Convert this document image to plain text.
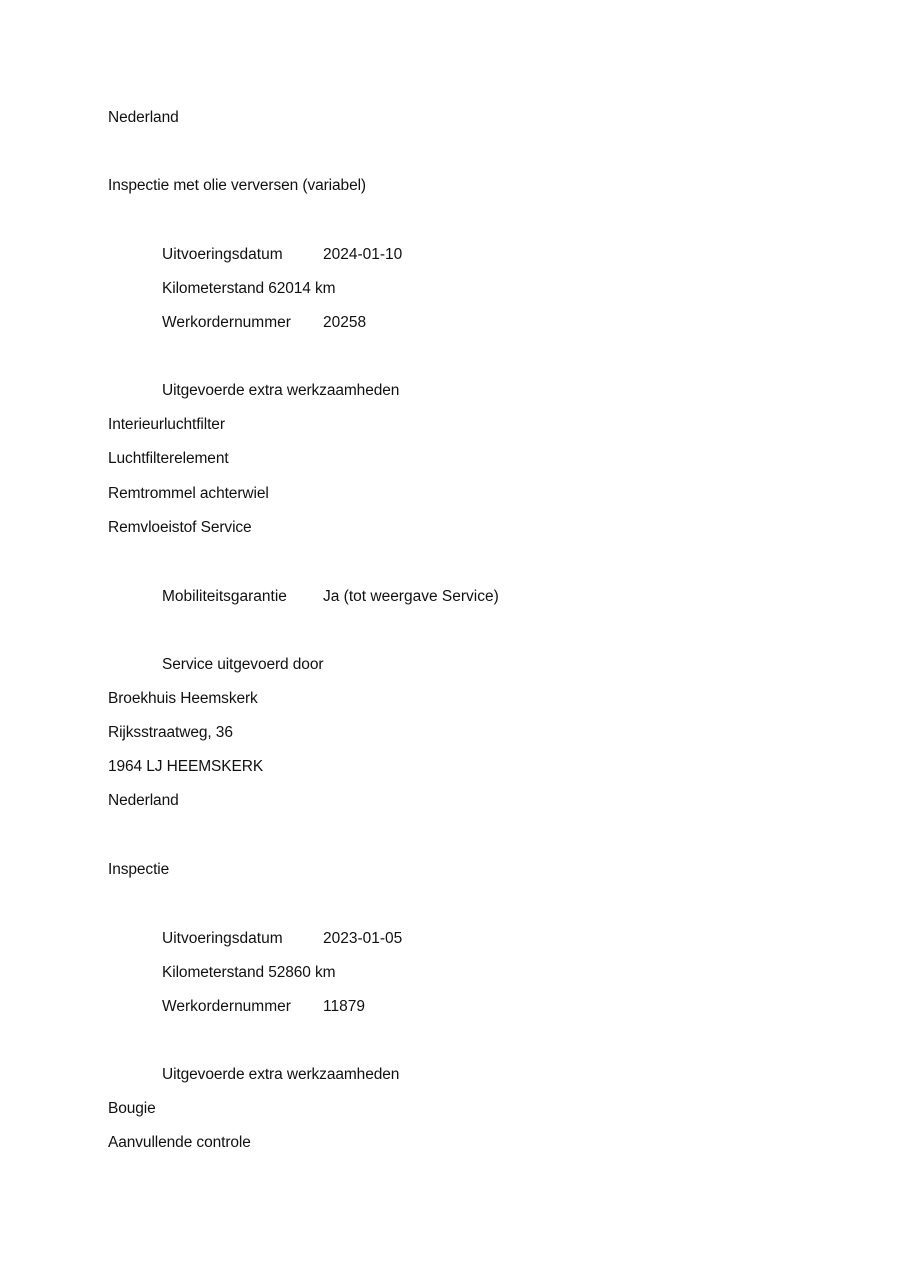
Nederland
Inspectie met olie verversen (variabel)
Uitvoeringsdatum	2024-01-10
Kilometerstand 62014 km
Werkordernummer 20258
Uitgevoerde extra werkzaamheden
Interieurluchtfilter
Luchtfilterelement
Remtrommel achterwiel
Remvloeistof Service
Mobiliteitsgarantie Ja (tot weergave Service)
Service uitgevoerd door
Broekhuis Heemskerk
Rijksstraatweg, 36
1964 LJ HEEMSKERK
Nederland
Inspectie
Uitvoeringsdatum	2023-01-05
Kilometerstand 52860 km
Werkordernummer 11879
Uitgevoerde extra werkzaamheden
Bougie
Aanvullende controle
